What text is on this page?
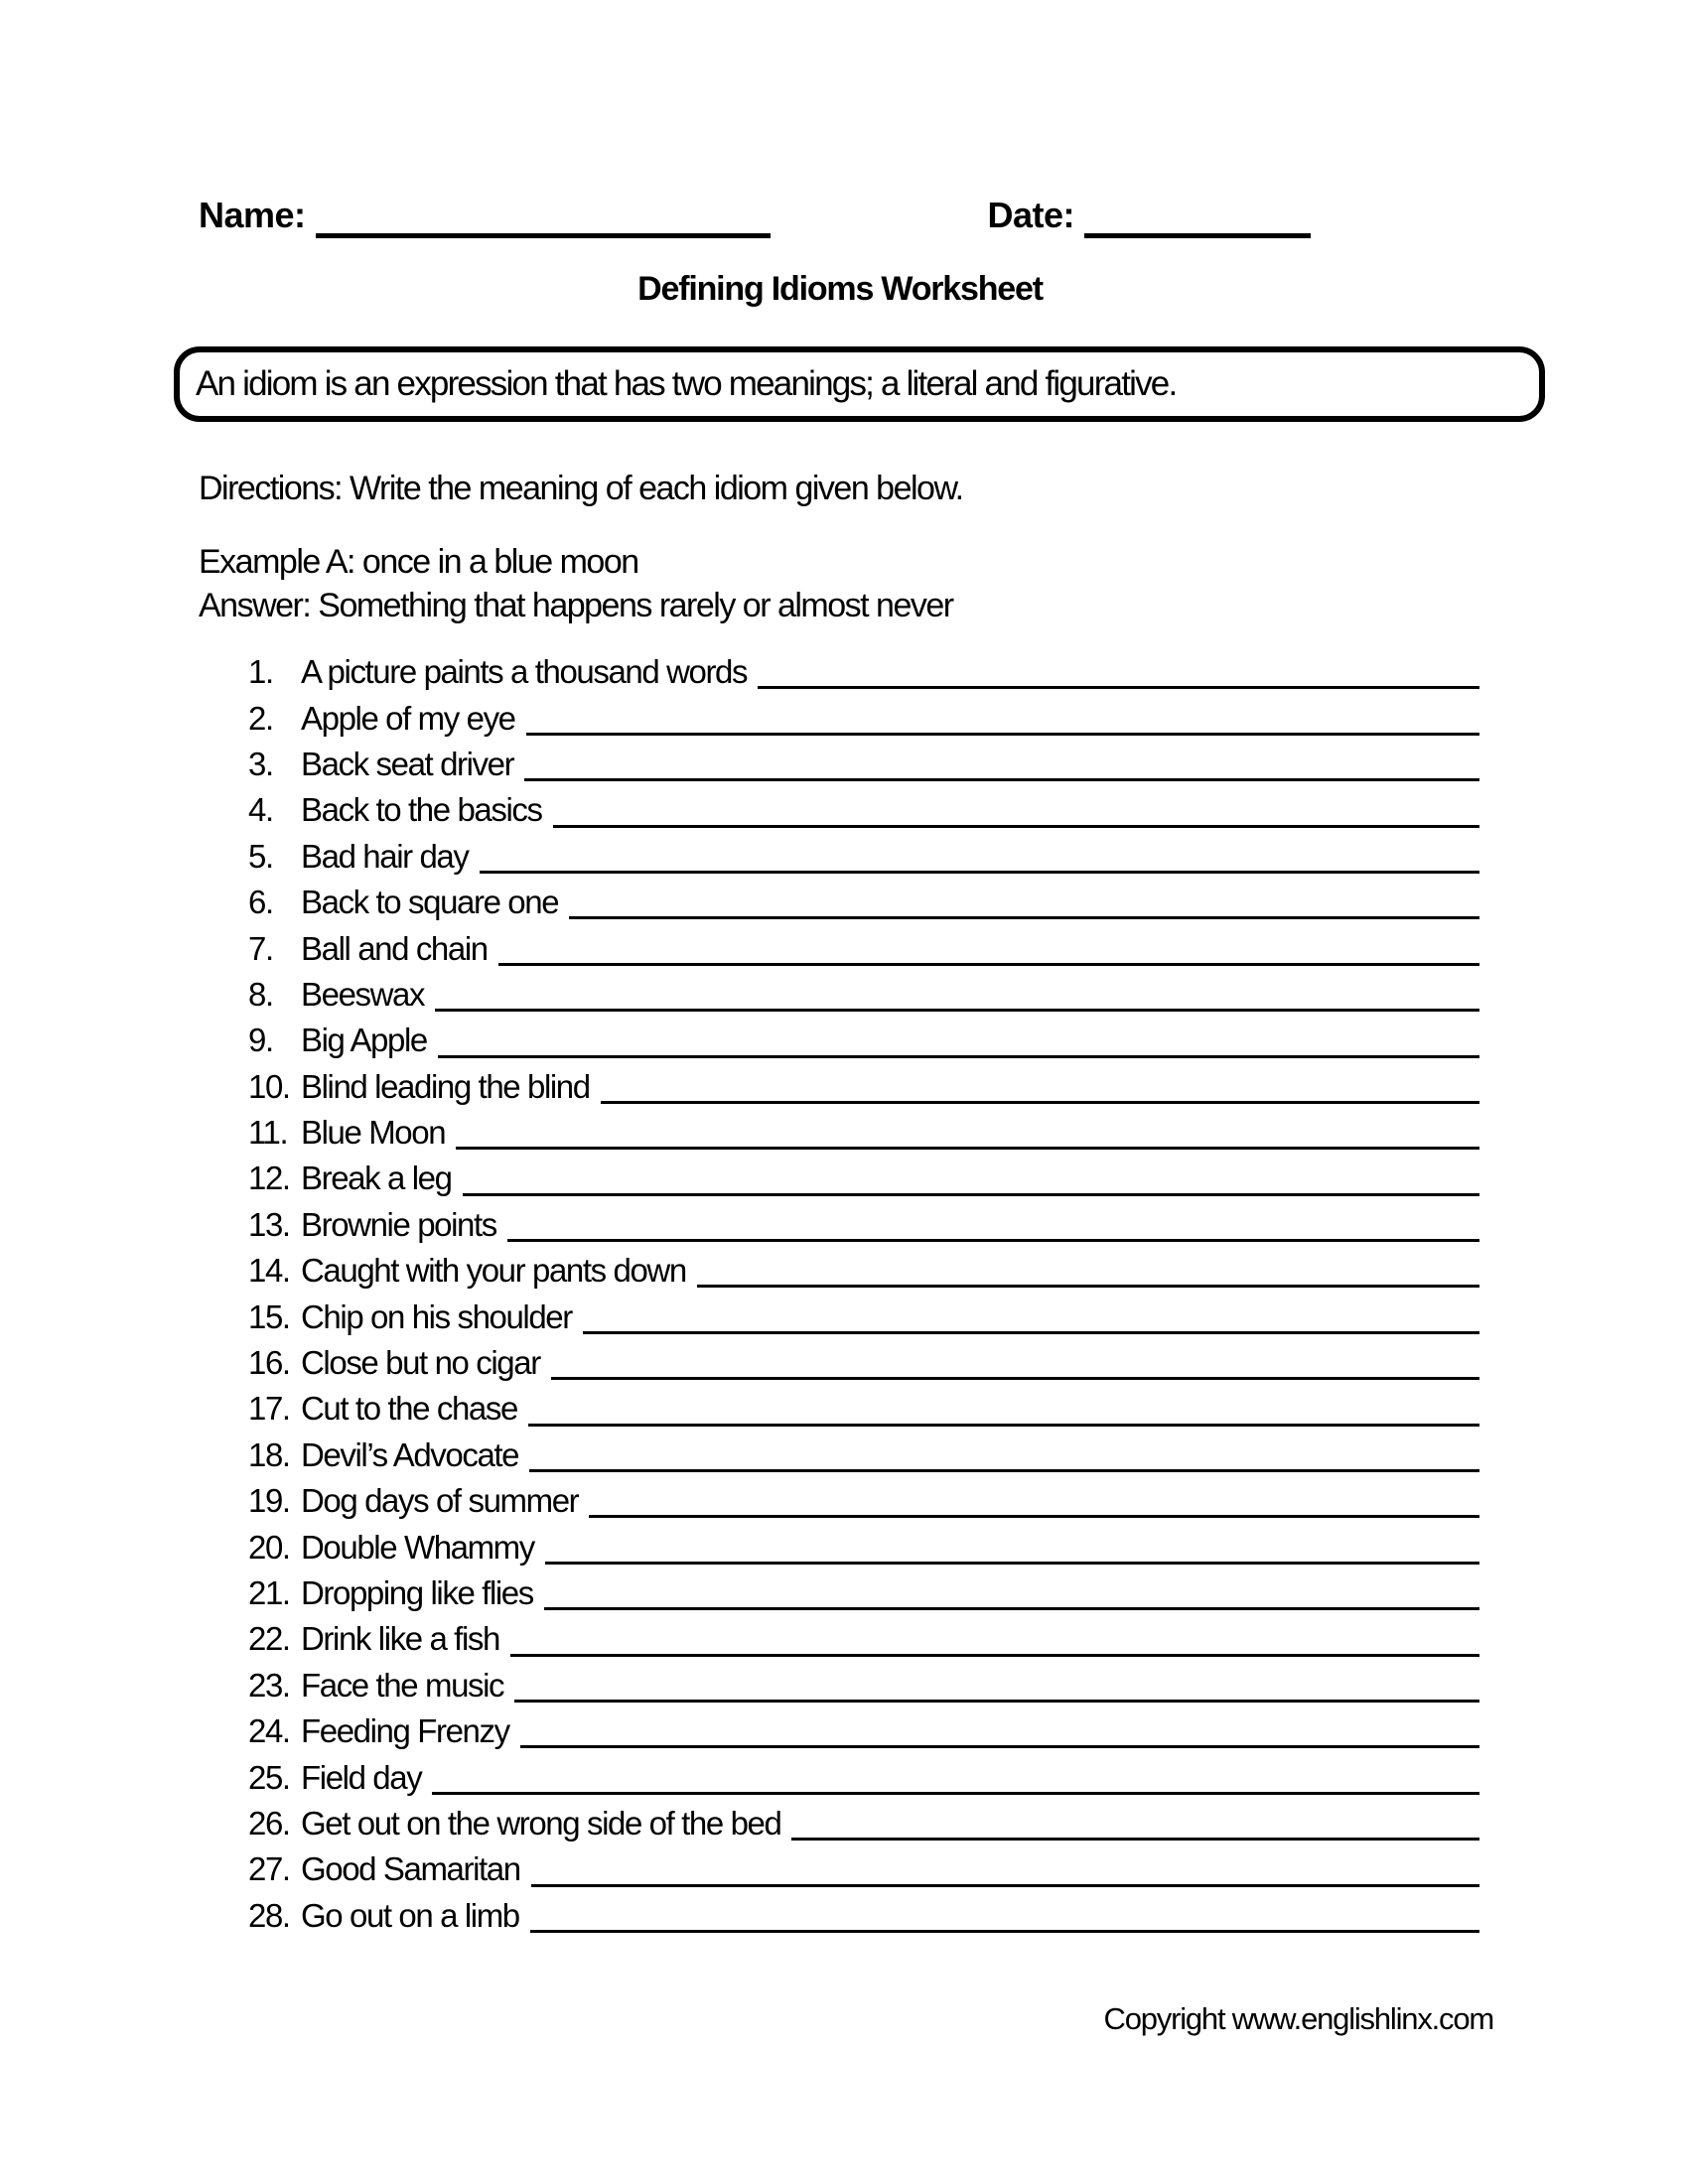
Name:	Date:
Defining Idioms Worksheet
An idiom is an expression that has two meanings; a literal and figurative.
Directions: Write the meaning of each idiom given below.
Example A: once in a blue moon
Answer: Something that happens rarely or almost never
1. A picture paints a thousand words
2. Apple of my eye
3. Back seat driver
4. Back to the basics
5. Bad hair day
6. Back to square one
7. Ball and chain
8. Beeswax
9. Big Apple
10. Blind leading the blind
11. Blue Moon
12. Break a leg
13. Brownie points
14. Caught with your pants down
15. Chip on his shoulder
16. Close but no cigar
17. Cut to the chase
18. Devil’s Advocate
19. Dog days of summer
20. Double Whammy
21. Dropping like flies
22. Drink like a fish
23. Face the music
24. Feeding Frenzy
25. Field day
26. Get out on the wrong side of the bed
27. Good Samaritan
28. Go out on a limb
Copyright www.englishlinx.com
